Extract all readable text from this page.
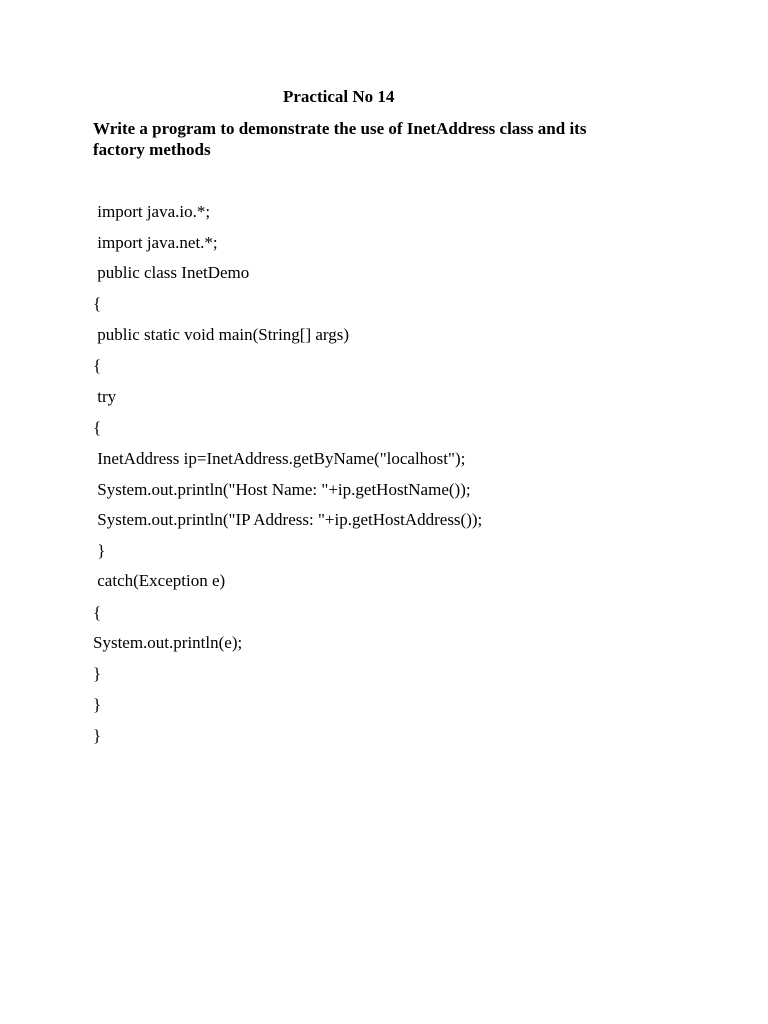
Practical No 14
Write a program to demonstrate the use of InetAddress class and its
factory methods
import java.io.*;
import java.net.*;
public class InetDemo
{
public static void main(String[] args)
{
try
{
InetAddress ip=InetAddress.getByName("localhost");
System.out.println("Host Name: "+ip.getHostName());
System.out.println("IP Address: "+ip.getHostAddress());
}
catch(Exception e)
{
System.out.println(e);
}
}
}
